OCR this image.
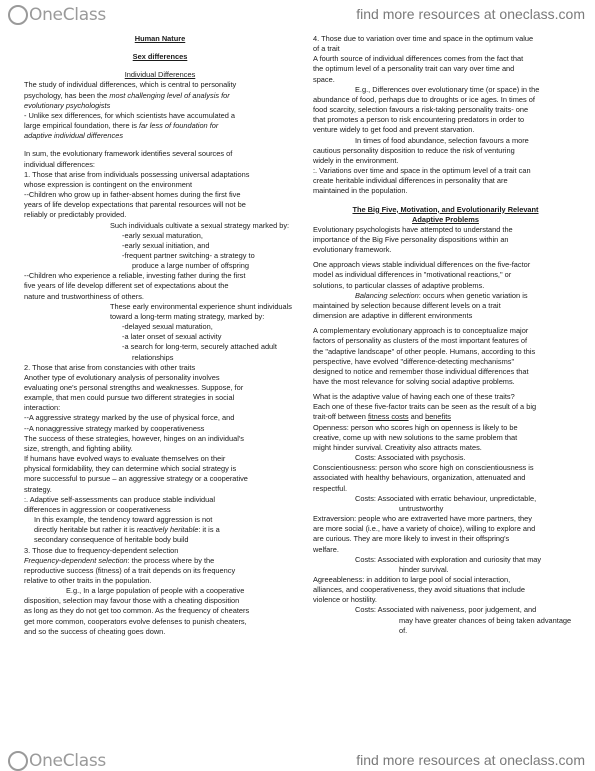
OneClass	find more resources at oneclass.com

Human Nature

Sex differences

Individual Differences

The study of individual differences, which is central to personality

psychology, has been the most challenging level of analysis for

evolutionary psychologists

- Unlike sex differences, for which scientists have accumulated a

large empirical foundation, there is far less of foundation for

adaptive individual differences

In sum, the evolutionary framework identifies several sources of

individual differences:

1. Those that arise from individuals possessing universal adaptations

whose expression is contingent on the environment

--Children who grow up in father-absent homes during the first five

years of life develop expectations that parental resources will not be

reliably or predictably provided.

Such individuals cultivate a sexual strategy marked by:

-early sexual maturation,

-early sexual initiation, and

-frequent partner switching- a strategy to

produce a large number of offspring

--Children who experience a reliable, investing father during the first

five years of life develop different set of expectations about the

nature and trustworthiness of others.

These early environmental experience shunt individuals

toward a long-term mating strategy, marked by:

-delayed sexual maturation,

-a later onset of sexual activity

-a search for long-term, securely attached adult

relationships

2. Those that arise from constancies with other traits

Another type of evolutionary analysis of personality involves

evaluating one's personal strengths and weaknesses. Suppose, for

example, that men could pursue two different strategies in social

interaction:

--A aggressive strategy marked by the use of physical force, and

--A nonaggressive strategy marked by cooperativeness

The success of these strategies, however, hinges on an individual's

size, strength, and fighting ability.

If humans have evolved ways to evaluate themselves on their

physical formidability, they can determine which social strategy is

more successful to pursue – an aggressive strategy or a cooperative

strategy.

:. Adaptive self-assessments can produce stable individual

differences in aggression or cooperativeness

In this example, the tendency toward aggression is not

directly heritable but rather it is reactively heritable: it is a

secondary consequence of heritable body build

3. Those due to frequency-dependent selection

Frequency-dependent selection: the process where by the

reproductive success (fitness) of a trait depends on its frequency

relative to other traits in the population.

E.g., In a large population of people with a cooperative

disposition, selection may favour those with a cheating disposition

as long as they do not get too common. As the frequency of cheaters

get more common, cooperators evolve defenses to punish cheaters,

and so the success of cheating goes down.

4. Those due to variation over time and space in the optimum value

of a trait

A fourth source of individual differences comes from the fact that

the optimum level of a personality trait can vary over time and

space.

E.g., Differences over evolutionary time (or space) in the

abundance of food, perhaps due to droughts or ice ages. In times of

food scarcity, selection favours a risk-taking personality traits- one

that promotes a person to risk encountering predators in order to

venture widely to get food and prevent starvation.

In times of food abundance, selection favours a more

cautious personality disposition to reduce the risk of venturing

widely in the environment.

:. Variations over time and space in the optimum level of a trait can

create heritable individual differences in personality that are

maintained in the population.

The Big Five, Motivation, and Evolutionarily Relevant

Adaptive Problems

Evolutionary psychologists have attempted to understand the

importance of the Big Five personality dispositions within an

evolutionary framework.

One approach views stable individual differences on the five-factor

model as individual differences in "motivational reactions," or

solutions, to particular classes of adaptive problems.

Balancing selection: occurs when genetic variation is

maintained by selection because different levels on a trait

dimension are adaptive in different environments

A complementary evolutionary approach is to conceptualize major

factors of personality as clusters of the most important features of

the "adaptive landscape" of other people. Humans, according to this

perspective, have evolved "difference-detecting mechanisms"

designed to notice and remember those individual differences that

have the most relevance for solving social adaptive problems.

What is the adaptive value of having each one of these traits?

Each one of these five-factor traits can be seen as the result of a big

trait-off between fitness costs and benefits

Openness: person who scores high on openness is likely to be

creative, come up with new solutions to the same problem that

might hinder survival. Creativity also attracts mates.

Costs: Associated with psychosis.

Conscientiousness: person who score high on conscientiousness is

associated with healthy behaviours, organization, attenuated and

respectful.

Costs: Associated with erratic behaviour, unpredictable,

untrustworthy

Extraversion: people who are extraverted have more partners, they

are more social (i.e., have a variety of choice), willing to explore and

are curious. They are more likely to invest in their offspring's

welfare.

Costs: Associated with exploration and curiosity that may

hinder survival.

Agreeableness: in addition to large pool of social interaction,

alliances, and cooperativeness, they avoid situations that include

violence or hostility.

Costs: Associated with naiveness, poor judgement, and

may have greater chances of being taken advantage of.

OneClass	find more resources at oneclass.com
